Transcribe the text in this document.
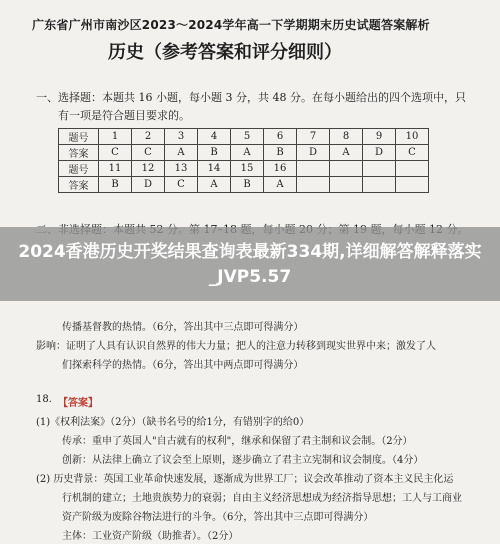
广东省广州市南沙区2023～2024学年高一下学期期末历史试题答案解析
历史（参考答案和评分细则）
一、选择题：本题共 16 小题，每小题 3 分，共 48 分。在每小题给出的四个选项中，只
有一项是符合题目要求的。
题号	1	2	3	4	5	6	7	8	9	10
答案	C	C	A	B	A	B	D	A	D	C
题号	11	12	13	14	15	16				
答案	B	D	C	A	B	A				
2024香港历史开奖结果查询表最新334期,详细解答解释落实_JVP5.57
传播基督教的热情。（6分，答出其中三点即可得满分）
影响：证明了人具有认识自然界的伟大力量；把人的注意力转移到现实世界中来；激发了人
们探索科学的热情。（6分，答出其中两点即可得满分）
18. 【答案】
(1)《权利法案》（2分）（缺书名号的给1分，有错别字的给0）
传承：重申了英国人"自古就有的权利"，继承和保留了君主制和议会制。（2分）
创新：从法律上确立了议会至上原则，逐步确立了君主立宪制和议会制度。（4分）
(2) 历史背景：英国工业革命快速发展，逐渐成为世界工厂；议会改革推动了资本主义民主化运
行机制的建立；土地贵族势力的衰弱；自由主义经济思想成为经济指导思想；工人与工商业
资产阶级为废除谷物法进行的斗争。（6分，答出其中三点即可得满分）
主体：工业资产阶级（助推者）。（2分）
